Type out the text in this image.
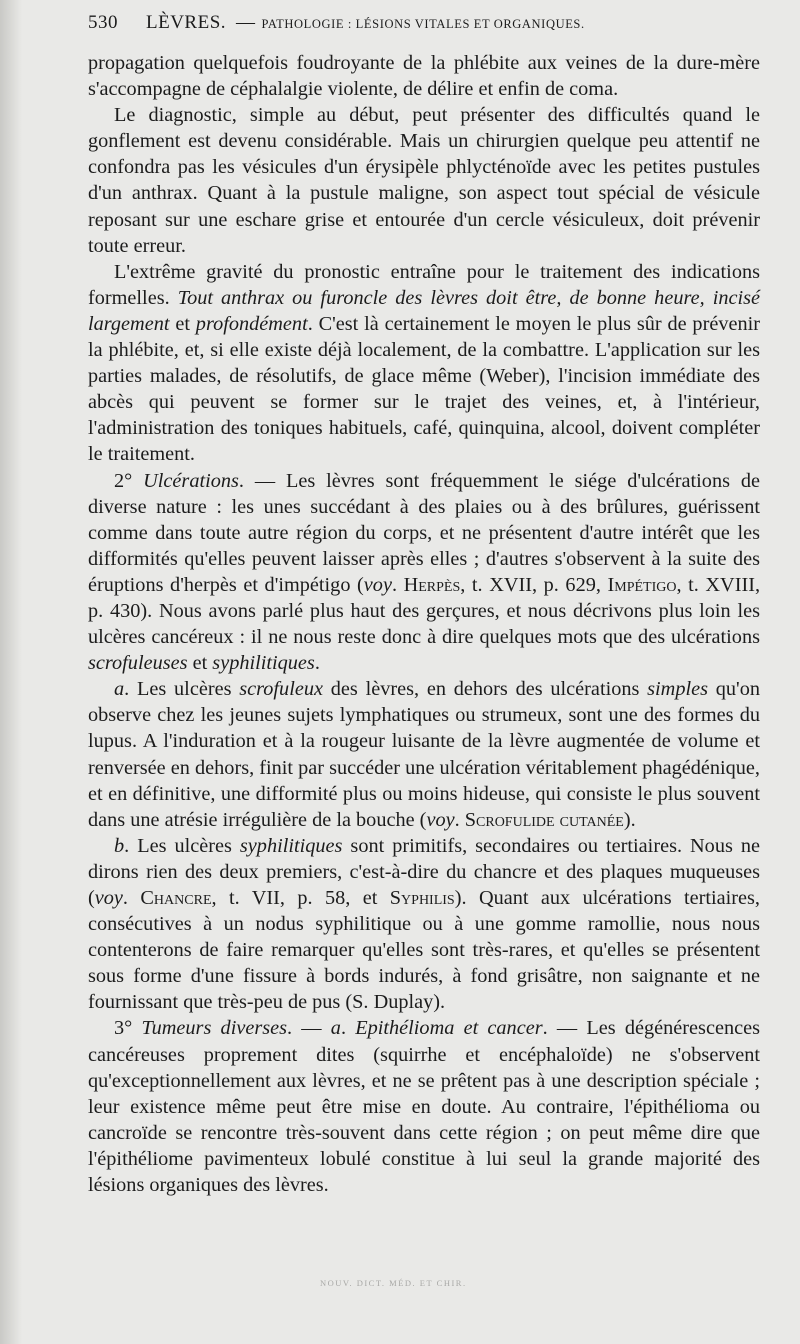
530 LÈVRES. — PATHOLOGIE : LÉSIONS VITALES ET ORGANIQUES.

propagation quelquefois foudroyante de la phlébite aux veines de la dure-mère s'accompagne de céphalalgie violente, de délire et enfin de coma.

Le diagnostic, simple au début, peut présenter des difficultés quand le gonflement est devenu considérable. Mais un chirurgien quelque peu attentif ne confondra pas les vésicules d'un érysipèle phlycténoïde avec les petites pustules d'un anthrax. Quant à la pustule maligne, son aspect tout spécial de vésicule reposant sur une eschare grise et entourée d'un cercle vésiculeux, doit prévenir toute erreur.

L'extrême gravité du pronostic entraîne pour le traitement des indications formelles. Tout anthrax ou furoncle des lèvres doit être, de bonne heure, incisé largement et profondément. C'est là certainement le moyen le plus sûr de prévenir la phlébite, et, si elle existe déjà localement, de la combattre. L'application sur les parties malades, de résolutifs, de glace même (Weber), l'incision immédiate des abcès qui peuvent se former sur le trajet des veines, et, à l'intérieur, l'administration des toniques habituels, café, quinquina, alcool, doivent compléter le traitement.

2° Ulcérations. — Les lèvres sont fréquemment le siége d'ulcérations de diverse nature : les unes succédant à des plaies ou à des brûlures, guérissent comme dans toute autre région du corps, et ne présentent d'autre intérêt que les difformités qu'elles peuvent laisser après elles ; d'autres s'observent à la suite des éruptions d'herpès et d'impétigo (voy. Herpès, t. XVII, p. 629, Impétigo, t. XVIII, p. 430). Nous avons parlé plus haut des gerçures, et nous décrivons plus loin les ulcères cancéreux : il ne nous reste donc à dire quelques mots que des ulcérations scrofuleuses et syphilitiques.

a. Les ulcères scrofuleux des lèvres, en dehors des ulcérations simples qu'on observe chez les jeunes sujets lymphatiques ou strumeux, sont une des formes du lupus. A l'induration et à la rougeur luisante de la lèvre augmentée de volume et renversée en dehors, finit par succéder une ulcération véritablement phagédénique, et en définitive, une difformité plus ou moins hideuse, qui consiste le plus souvent dans une atrésie irrégulière de la bouche (voy. Scrofulide cutanée).

b. Les ulcères syphilitiques sont primitifs, secondaires ou tertiaires. Nous ne dirons rien des deux premiers, c'est-à-dire du chancre et des plaques muqueuses (voy. Chancre, t. VII, p. 58, et Syphilis). Quant aux ulcérations tertiaires, consécutives à un nodus syphilitique ou à une gomme ramollie, nous nous contenterons de faire remarquer qu'elles sont très-rares, et qu'elles se présentent sous forme d'une fissure à bords indurés, à fond grisâtre, non saignante et ne fournissant que très-peu de pus (S. Duplay).

3° Tumeurs diverses. — a. Epithélioma et cancer. — Les dégénérescences cancéreuses proprement dites (squirrhe et encéphaloïde) ne s'observent qu'exceptionnellement aux lèvres, et ne se prêtent pas à une description spéciale ; leur existence même peut être mise en doute. Au contraire, l'épithélioma ou cancroïde se rencontre très-souvent dans cette région ; on peut même dire que l'épithéliome pavimenteux lobulé constitue à lui seul la grande majorité des lésions organiques des lèvres.

NOUV. DICT. MÉD. ET CHIR.
